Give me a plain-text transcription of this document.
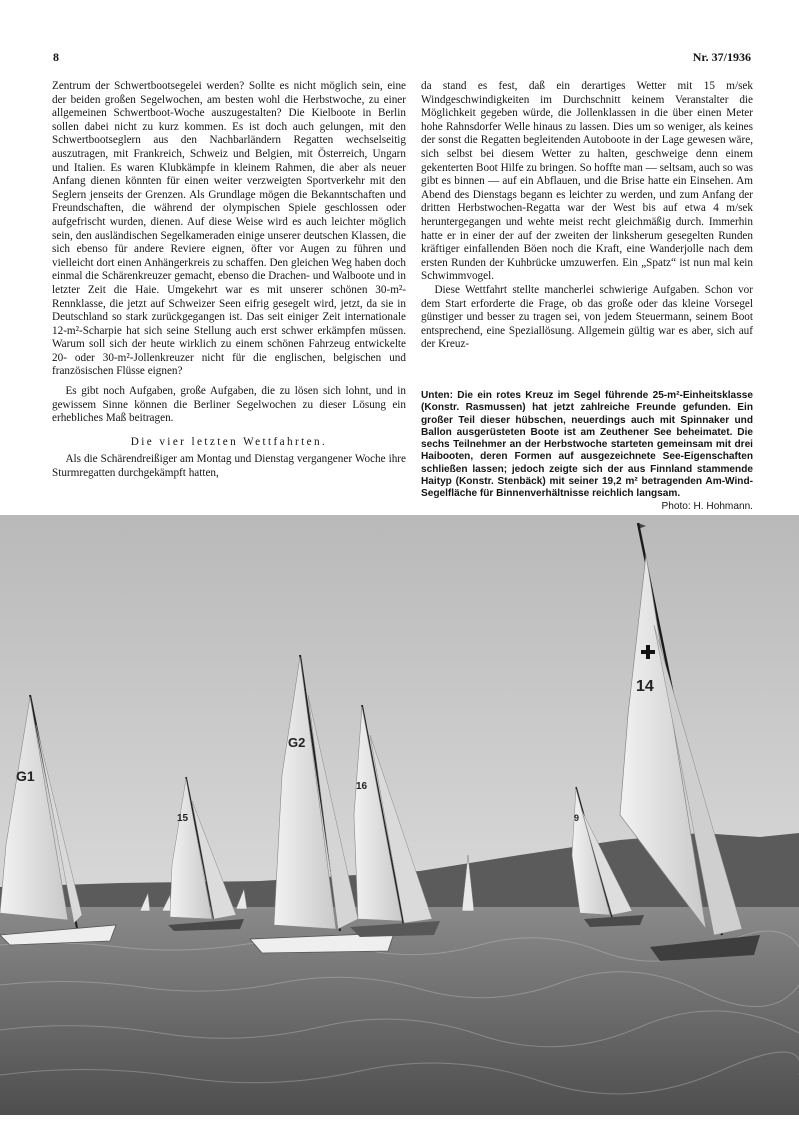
8	Nr. 37/1936

Zentrum der Schwertbootsegelei werden? Sollte es nicht möglich sein, eine der beiden großen Segelwochen, am besten wohl die Herbstwoche, zu einer allgemeinen Schwertboot-Woche auszugestalten? Die Kielboote in Berlin sollen dabei nicht zu kurz kommen. Es ist doch auch gelungen, mit den Schwertbootseglern aus den Nachbarländern Regatten wechselseitig auszutragen, mit Frankreich, Schweiz und Belgien, mit Österreich, Ungarn und Italien. Es waren Klubkämpfe in kleinem Rahmen, die aber als neuer Anfang dienen könnten für einen weiter verzweigten Sportverkehr mit den Seglern jenseits der Grenzen. Als Grundlage mögen die Bekanntschaften und Freundschaften, die während der olympischen Spiele geschlossen oder aufgefrischt wurden, dienen. Auf diese Weise wird es auch leichter möglich sein, den ausländischen Segelkameraden einige unserer deutschen Klassen, die sich ebenso für andere Reviere eignen, öfter vor Augen zu führen und vielleicht dort einen Anhängerkreis zu schaffen. Den gleichen Weg haben doch einmal die Schärenkreuzer gemacht, ebenso die Drachen- und Walboote und in letzter Zeit die Haie. Umgekehrt war es mit unserer schönen 30-m²-Rennklasse, die jetzt auf Schweizer Seen eifrig gesegelt wird, jetzt, da sie in Deutschland so stark zurückgegangen ist. Das seit einiger Zeit internationale 12-m²-Scharpie hat sich seine Stellung auch erst schwer erkämpfen müssen. Warum soll sich der heute wirklich zu einem schönen Fahrzeug entwickelte 20- oder 30-m²-Jollenkreuzer nicht für die englischen, belgischen und französischen Flüsse eignen?

Es gibt noch Aufgaben, große Aufgaben, die zu lösen sich lohnt, und in gewissem Sinne können die Berliner Segelwochen zu dieser Lösung ein erhebliches Maß beitragen.

Die vier letzten Wettfahrten.

Als die Schärendreißiger am Montag und Dienstag vergangener Woche ihre Sturmregatten durchgekämpft hatten,

da stand es fest, daß ein derartiges Wetter mit 15 m/sek Windgeschwindigkeiten im Durchschnitt keinem Veranstalter die Möglichkeit gegeben würde, die Jollenklassen in die über einen Meter hohe Rahnsdorfer Welle hinaus zu lassen. Dies um so weniger, als keines der sonst die Regatten begleitenden Autoboote in der Lage gewesen wäre, sich selbst bei diesem Wetter zu halten, geschweige denn einem gekenterten Boot Hilfe zu bringen. So hoffte man — seltsam, auch so was gibt es binnen — auf ein Abflauen, und die Brise hatte ein Einsehen. Am Abend des Dienstags begann es leichter zu werden, und zum Anfang der dritten Herbstwochen-Regatta war der West bis auf etwa 4 m/sek heruntergegangen und wehte meist recht gleichmäßig durch. Immerhin hatte er in einer der auf der zweiten der linksherum gesegelten Runden kräftiger einfallenden Böen noch die Kraft, eine Wanderjolle nach dem ersten Runden der Kuhbrücke umzuwerfen. Ein „Spatz“ ist nun mal kein Schwimmvogel.

Diese Wettfahrt stellte mancherlei schwierige Aufgaben. Schon vor dem Start erforderte die Frage, ob das große oder das kleine Vorsegel günstiger und besser zu tragen sei, von jedem Steuermann, seinem Boot entsprechend, eine Speziallösung. Allgemein gültig war es aber, sich auf der Kreuz-

Unten: Die ein rotes Kreuz im Segel führende 25-m²-Einheitsklasse (Konstr. Rasmussen) hat jetzt zahlreiche Freunde gefunden. Ein großer Teil dieser hübschen, neuerdings auch mit Spinnaker und Ballon ausgerüsteten Boote ist am Zeuthener See beheimatet. Die sechs Teilnehmer an der Herbstwoche starteten gemeinsam mit drei Haibooten, deren Formen auf ausgezeichnete See-Eigenschaften schließen lassen; jedoch zeigte sich der aus Finnland stammende Haityp (Konstr. Stenbäck) mit seiner 19,2 m² betragenden Am-Wind-Segelfläche für Binnenverhältnisse reichlich langsam.
Photo: H. Hohmann.
G1
15
G2
16
9
14
